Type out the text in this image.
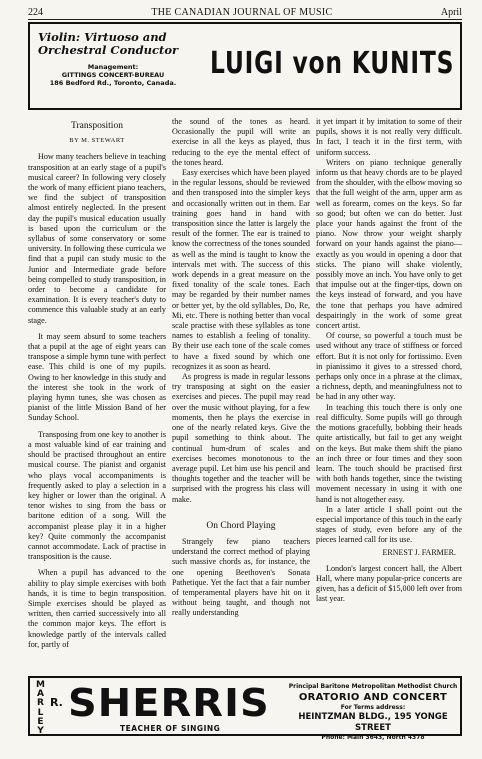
224	THE CANADIAN JOURNAL OF MUSIC	April
Violin: Virtuoso and
Orchestral Conductor
Management:
GITTINGS CONCERT-BUREAU
186 Bedford Rd., Toronto, Canada.
LUIGI von KUNITS
Transposition
BY M. STEWART

How many teachers believe in teaching transposition at an early stage of a pupil's musical career? In following very closely the work of many efficient piano teachers, we find the subject of transposition almost entirely neglected. In the present day the pupil's musical education usually is based upon the curriculum or the syllabus of some conservatory or some university. In following these curricula we find that a pupil can study music to the Junior and Intermediate grade before being compelled to study transposition, in order to become a candidate for examination. It is every teacher's duty to commence this valuable study at an early stage.

It may seem absurd to some teachers that a pupil at the age of eight years can transpose a simple hymn tune with perfect ease. This child is one of my pupils. Owing to her knowledge in this study and the interest she took in the work of playing hymn tunes, she was chosen as pianist of the little Mission Band of her Sunday School.

Transposing from one key to another is a most valuable kind of ear training and should be practised throughout an entire musical course. The pianist and organist who plays vocal accompaniments is frequently asked to play a selection in a key higher or lower than the original. A tenor wishes to sing from the bass or baritone edition of a song. Will the accompanist please play it in a higher key? Quite commonly the accompanist cannot accommodate. Lack of practise in transposition is the cause.

When a pupil has advanced to the ability to play simple exercises with both hands, it is time to begin transposition. Simple exercises should be played as written, then carried successively into all the common major keys. The effort is knowledge partly of the intervals called for, partly of

the sound of the tones as heard. Occasionally the pupil will write an exercise in all the keys as played, thus reducing to the eye the mental effect of the tones heard.

Easy exercises which have been played in the regular lessons, should be reviewed and then transposed into the simpler keys and occasionally written out in them. Ear training goes hand in hand with transposition since the latter is largely the result of the former. The ear is trained to know the correctness of the tones sounded as well as the mind is taught to know the intervals met with. The success of this work depends in a great measure on the fixed tonality of the scale tones. Each may be regarded by their number names or better yet, by the old syllables, Do, Re, Mi, etc. There is nothing better than vocal scale practise with these syllables as tone names to establish a feeling of tonality. By their use each tone of the scale comes to have a fixed sound by which one recognizes it as soon as heard.

As progress is made in regular lessons try transposing at sight on the easier exercises and pieces. The pupil may read over the music without playing, for a few moments, then he plays the exercise in one of the nearly related keys. Give the pupil something to think about. The continual hum-drum of scales and exercises becomes monotonous to the average pupil. Let him use his pencil and thoughts together and the teacher will be surprised with the progress his class will make.

On Chord Playing

Strangely few piano teachers understand the correct method of playing such massive chords as, for instance, the one opening Beethoven's Sonata Pathetique. Yet the fact that a fair number of temperamental players have hit on it without being taught, and though not really understanding

it yet impart it by imitation to some of their pupils, shows it is not really very difficult. In fact, I teach it in the first term, with uniform success.

Writers on piano technique generally inform us that heavy chords are to be played from the shoulder, with the elbow moving so that the full weight of the arm, upper arm as well as forearm, comes on the keys. So far so good; but often we can do better. Just place your hands against the front of the piano. Now throw your weight sharply forward on your hands against the piano—exactly as you would in opening a door that sticks. The piano will shake violently, possibly move an inch. You have only to get that impulse out at the finger-tips, down on the keys instead of forward, and you have the tone that perhaps you have admired despairingly in the work of some great concert artist.

Of course, so powerful a touch must be used without any trace of stiffness or forced effort. But it is not only for fortissimo. Even in pianissimo it gives to a stressed chord, perhaps only once in a phrase at the climax, a richness, depth, and meaningfulness not to be had in any other way.

In teaching this touch there is only one real difficulty. Some pupils will go through the motions gracefully, bobbing their heads quite artistically, but fail to get any weight on the keys. But make them shift the piano an inch three or four times and they soon learn. The touch should be practised first with both hands together, since the twisting movement necessary in using it with one hand is not altogether easy.

In a later article I shall point out the especial importance of this touch in the early stages of study, even before any of the pieces learned call for its use.

ERNEST J. FARMER.

London's largest concert hall, the Albert Hall, where many popular-price concerts are given, has a deficit of $15,000 left over from last year.

M
A
R
L
E
Y
R. SHERRIS
TEACHER OF SINGING
Principal Baritone Metropolitan Methodist Church
ORATORIO AND CONCERT
For Terms address:
HEINTZMAN BLDG., 195 YONGE STREET
Phone: Main 3643, North 4378
